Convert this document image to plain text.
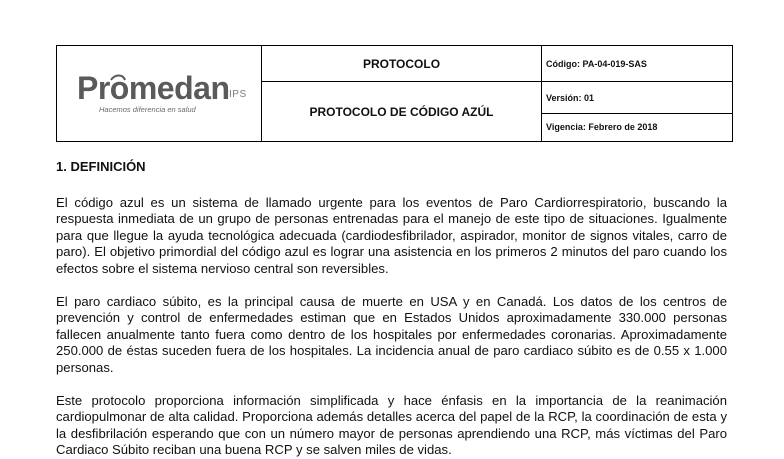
Promedan IPS
Hacemos diferencia en salud	PROTOCOLO	Código: PA-04-019-SAS
	PROTOCOLO DE CÓDIGO AZÚL	Versión: 01
		Vigencia: Febrero de 2018
1. DEFINICIÓN

El código azul es un sistema de llamado urgente para los eventos de Paro Cardiorrespiratorio, buscando la respuesta inmediata de un grupo de personas entrenadas para el manejo de este tipo de situaciones. Igualmente para que llegue la ayuda tecnológica adecuada (cardiodesfibrilador, aspirador, monitor de signos vitales, carro de paro). El objetivo primordial del código azul es lograr una asistencia en los primeros 2 minutos del paro cuando los efectos sobre el sistema nervioso central son reversibles.

El paro cardiaco súbito, es la principal causa de muerte en USA y en Canadá. Los datos de los centros de prevención y control de enfermedades estiman que en Estados Unidos aproximadamente 330.000 personas fallecen anualmente tanto fuera como dentro de los hospitales por enfermedades coronarias. Aproximadamente 250.000 de éstas suceden fuera de los hospitales. La incidencia anual de paro cardiaco súbito es de 0.55 x 1.000 personas.

Este protocolo proporciona información simplificada y hace énfasis en la importancia de la reanimación cardiopulmonar de alta calidad. Proporciona además detalles acerca del papel de la RCP, la coordinación de esta y la desfibrilación esperando que con un número mayor de personas aprendiendo una RCP, más víctimas del Paro Cardiaco Súbito reciban una buena RCP y se salven miles de vidas.
